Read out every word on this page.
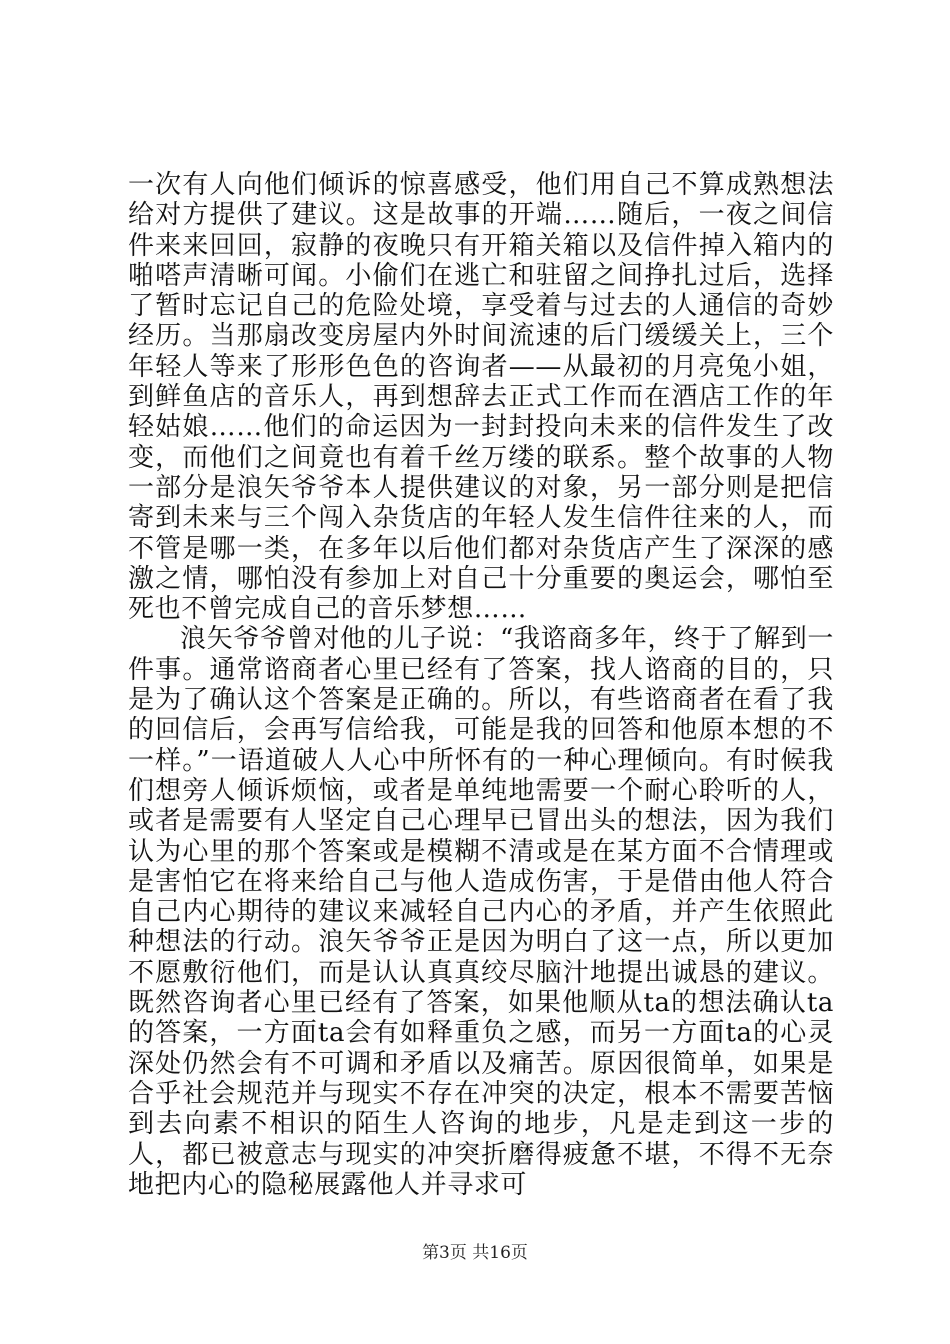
一次有人向他们倾诉的惊喜感受，他们用自己不算成熟想法给对方提供了建议。这是故事的开端……随后，一夜之间信件来来回回，寂静的夜晚只有开箱关箱以及信件掉入箱内的啪嗒声清晰可闻。小偷们在逃亡和驻留之间挣扎过后，选择了暂时忘记自己的危险处境，享受着与过去的人通信的奇妙经历。当那扇改变房屋内外时间流速的后门缓缓关上，三个年轻人等来了形形色色的咨询者——从最初的月亮兔小姐，到鲜鱼店的音乐人，再到想辞去正式工作而在酒店工作的年轻姑娘……他们的命运因为一封封投向未来的信件发生了改变，而他们之间竟也有着千丝万缕的联系。整个故事的人物一部分是浪矢爷爷本人提供建议的对象，另一部分则是把信寄到未来与三个闯入杂货店的年轻人发生信件往来的人，而不管是哪一类，在多年以后他们都对杂货店产生了深深的感激之情，哪怕没有参加上对自己十分重要的奥运会，哪怕至死也不曾完成自己的音乐梦想……

浪矢爷爷曾对他的儿子说：“我谘商多年，终于了解到一件事。通常谘商者心里已经有了答案，找人谘商的目的，只是为了确认这个答案是正确的。所以，有些谘商者在看了我的回信后，会再写信给我，可能是我的回答和他原本想的不一样。”一语道破人人心中所怀有的一种心理倾向。有时候我们想旁人倾诉烦恼，或者是单纯地需要一个耐心聆听的人，或者是需要有人坚定自己心理早已冒出头的想法，因为我们认为心里的那个答案或是模糊不清或是在某方面不合情理或是害怕它在将来给自己与他人造成伤害，于是借由他人符合自己内心期待的建议来减轻自己内心的矛盾，并产生依照此种想法的行动。浪矢爷爷正是因为明白了这一点，所以更加不愿敷衍他们，而是认认真真绞尽脑汁地提出诚恳的建议。既然咨询者心里已经有了答案，如果他顺从ta的想法确认ta的答案，一方面ta会有如释重负之感，而另一方面ta的心灵深处仍然会有不可调和矛盾以及痛苦。原因很简单，如果是合乎社会规范并与现实不存在冲突的决定，根本不需要苦恼到去向素不相识的陌生人咨询的地步，凡是走到这一步的人，都已被意志与现实的冲突折磨得疲惫不堪，不得不无奈地把内心的隐秘展露他人并寻求可

第3页 共16页
